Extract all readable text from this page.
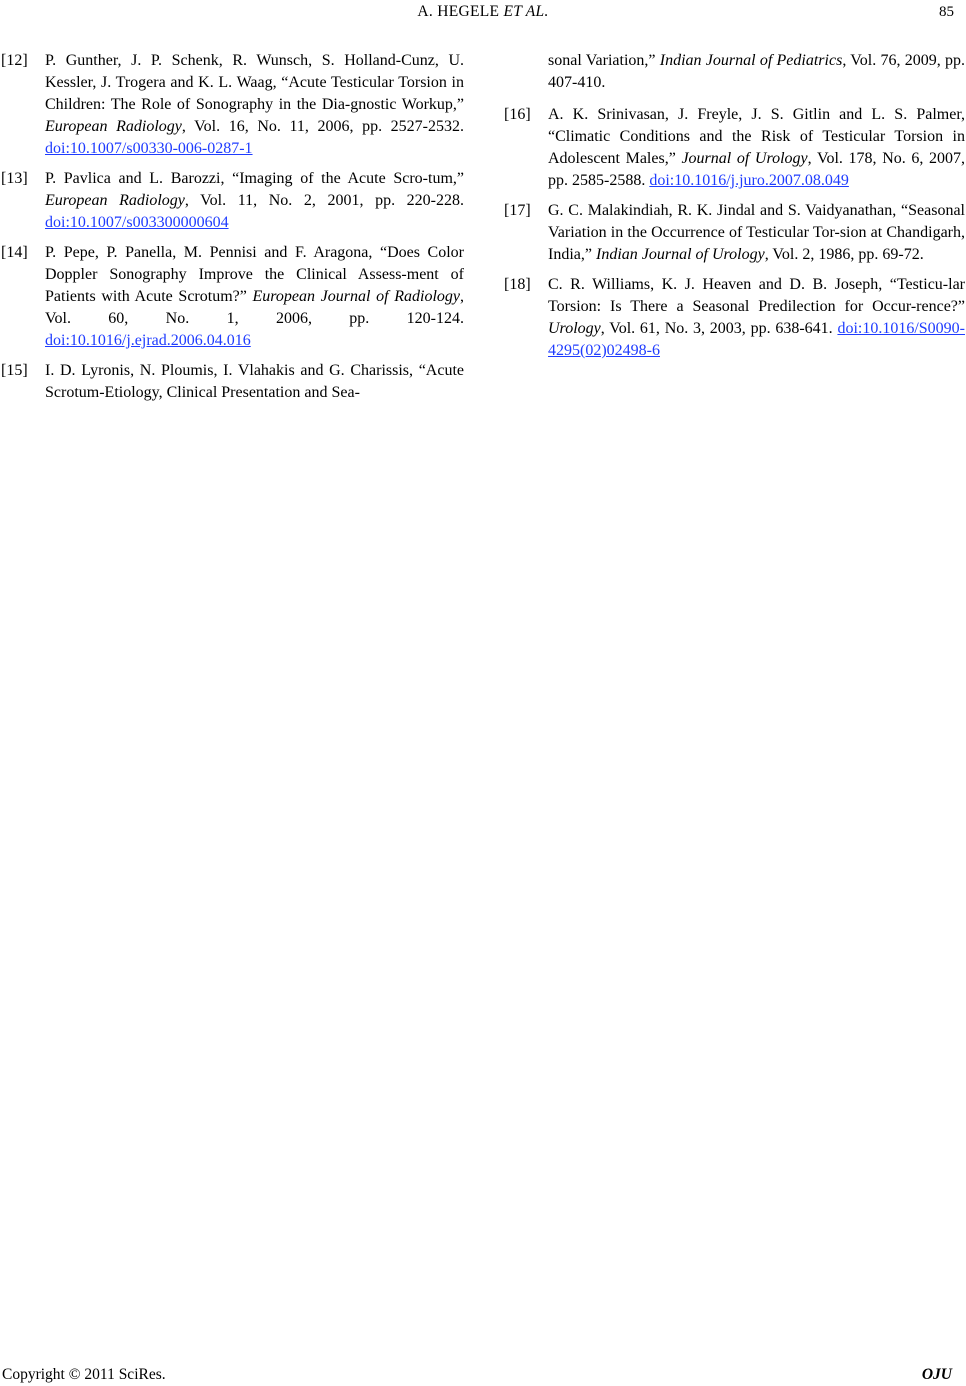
A. HEGELE ET AL.	85
[12] P. Gunther, J. P. Schenk, R. Wunsch, S. Holland-Cunz, U. Kessler, J. Trogera and K. L. Waag, “Acute Testicular Torsion in Children: The Role of Sonography in the Dia-gnostic Workup,” European Radiology, Vol. 16, No. 11, 2006, pp. 2527-2532. doi:10.1007/s00330-006-0287-1
[13] P. Pavlica and L. Barozzi, “Imaging of the Acute Scro-tum,” European Radiology, Vol. 11, No. 2, 2001, pp. 220-228. doi:10.1007/s003300000604
[14] P. Pepe, P. Panella, M. Pennisi and F. Aragona, “Does Color Doppler Sonography Improve the Clinical Assess-ment of Patients with Acute Scrotum?” European Journal of Radiology, Vol. 60, No. 1, 2006, pp. 120-124. doi:10.1016/j.ejrad.2006.04.016
[15] I. D. Lyronis, N. Ploumis, I. Vlahakis and G. Charissis, “Acute Scrotum-Etiology, Clinical Presentation and Sea-
sonal Variation,” Indian Journal of Pediatrics, Vol. 76, 2009, pp. 407-410.
[16] A. K. Srinivasan, J. Freyle, J. S. Gitlin and L. S. Palmer, “Climatic Conditions and the Risk of Testicular Torsion in Adolescent Males,” Journal of Urology, Vol. 178, No. 6, 2007, pp. 2585-2588. doi:10.1016/j.juro.2007.08.049
[17] G. C. Malakindiah, R. K. Jindal and S. Vaidyanathan, “Seasonal Variation in the Occurrence of Testicular Tor-sion at Chandigarh, India,” Indian Journal of Urology, Vol. 2, 1986, pp. 69-72.
[18] C. R. Williams, K. J. Heaven and D. B. Joseph, “Testicu-lar Torsion: Is There a Seasonal Predilection for Occur-rence?” Urology, Vol. 61, No. 3, 2003, pp. 638-641. doi:10.1016/S0090-4295(02)02498-6
Copyright © 2011 SciRes.	OJU
